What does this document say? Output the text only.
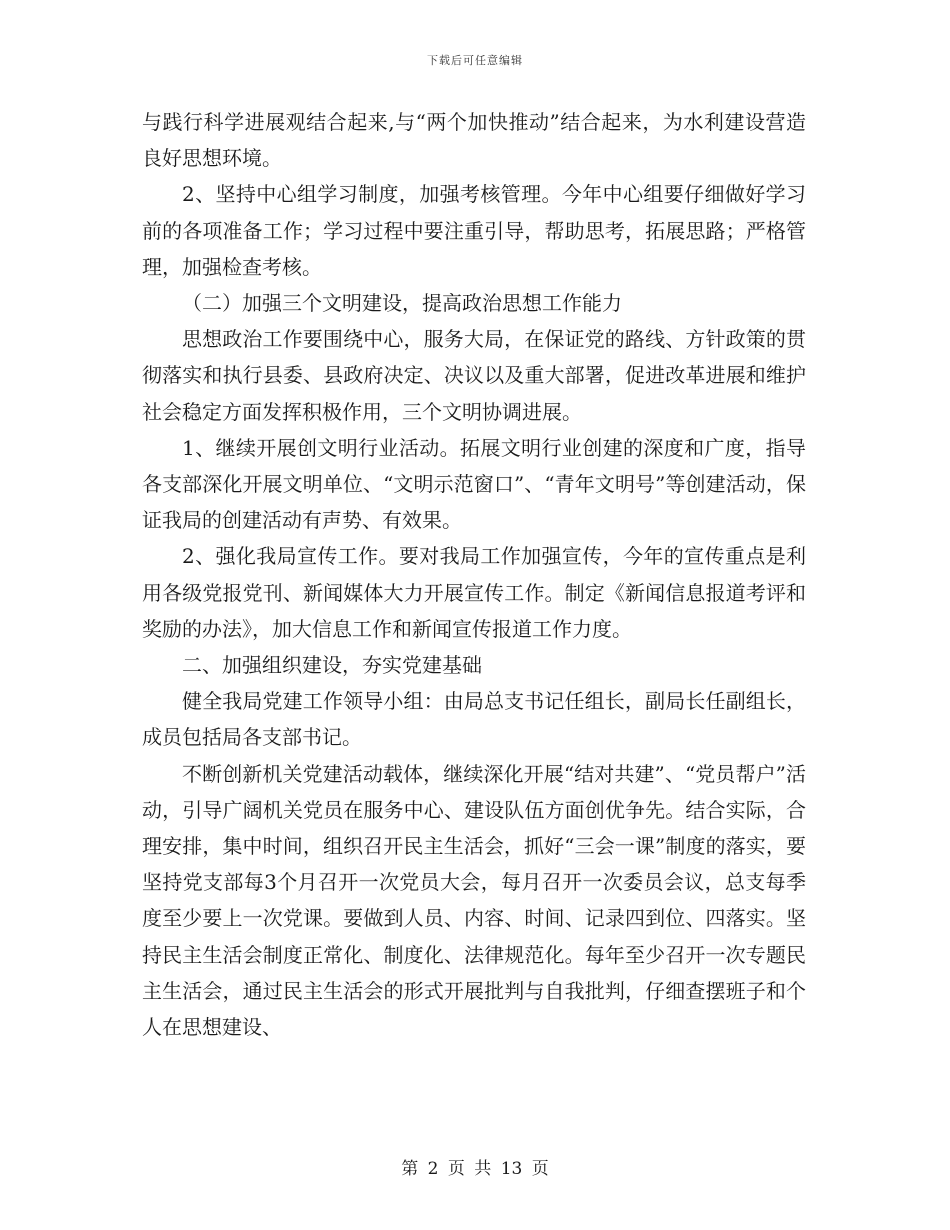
下载后可任意编辑

与践行科学进展观结合起来,与“两个加快推动”结合起来，为水利建设营造良好思想环境。

2、坚持中心组学习制度，加强考核管理。今年中心组要仔细做好学习前的各项准备工作；学习过程中要注重引导，帮助思考，拓展思路；严格管理，加强检查考核。

（二）加强三个文明建设，提高政治思想工作能力

思想政治工作要围绕中心，服务大局，在保证党的路线、方针政策的贯彻落实和执行县委、县政府决定、决议以及重大部署，促进改革进展和维护社会稳定方面发挥积极作用，三个文明协调进展。

1、继续开展创文明行业活动。拓展文明行业创建的深度和广度，指导各支部深化开展文明单位、“文明示范窗口”、“青年文明号”等创建活动，保证我局的创建活动有声势、有效果。

2、强化我局宣传工作。要对我局工作加强宣传，今年的宣传重点是利用各级党报党刊、新闻媒体大力开展宣传工作。制定《新闻信息报道考评和奖励的办法》，加大信息工作和新闻宣传报道工作力度。

二、加强组织建设，夯实党建基础

健全我局党建工作领导小组：由局总支书记任组长，副局长任副组长，成员包括局各支部书记。

不断创新机关党建活动载体，继续深化开展“结对共建”、“党员帮户”活动，引导广阔机关党员在服务中心、建设队伍方面创优争先。结合实际，合理安排，集中时间，组织召开民主生活会，抓好“三会一课”制度的落实，要坚持党支部每3个月召开一次党员大会，每月召开一次委员会议，总支每季度至少要上一次党课。要做到人员、内容、时间、记录四到位、四落实。坚持民主生活会制度正常化、制度化、法律规范化。每年至少召开一次专题民主生活会，通过民主生活会的形式开展批判与自我批判，仔细查摆班子和个人在思想建设、

第 2 页 共 13 页
